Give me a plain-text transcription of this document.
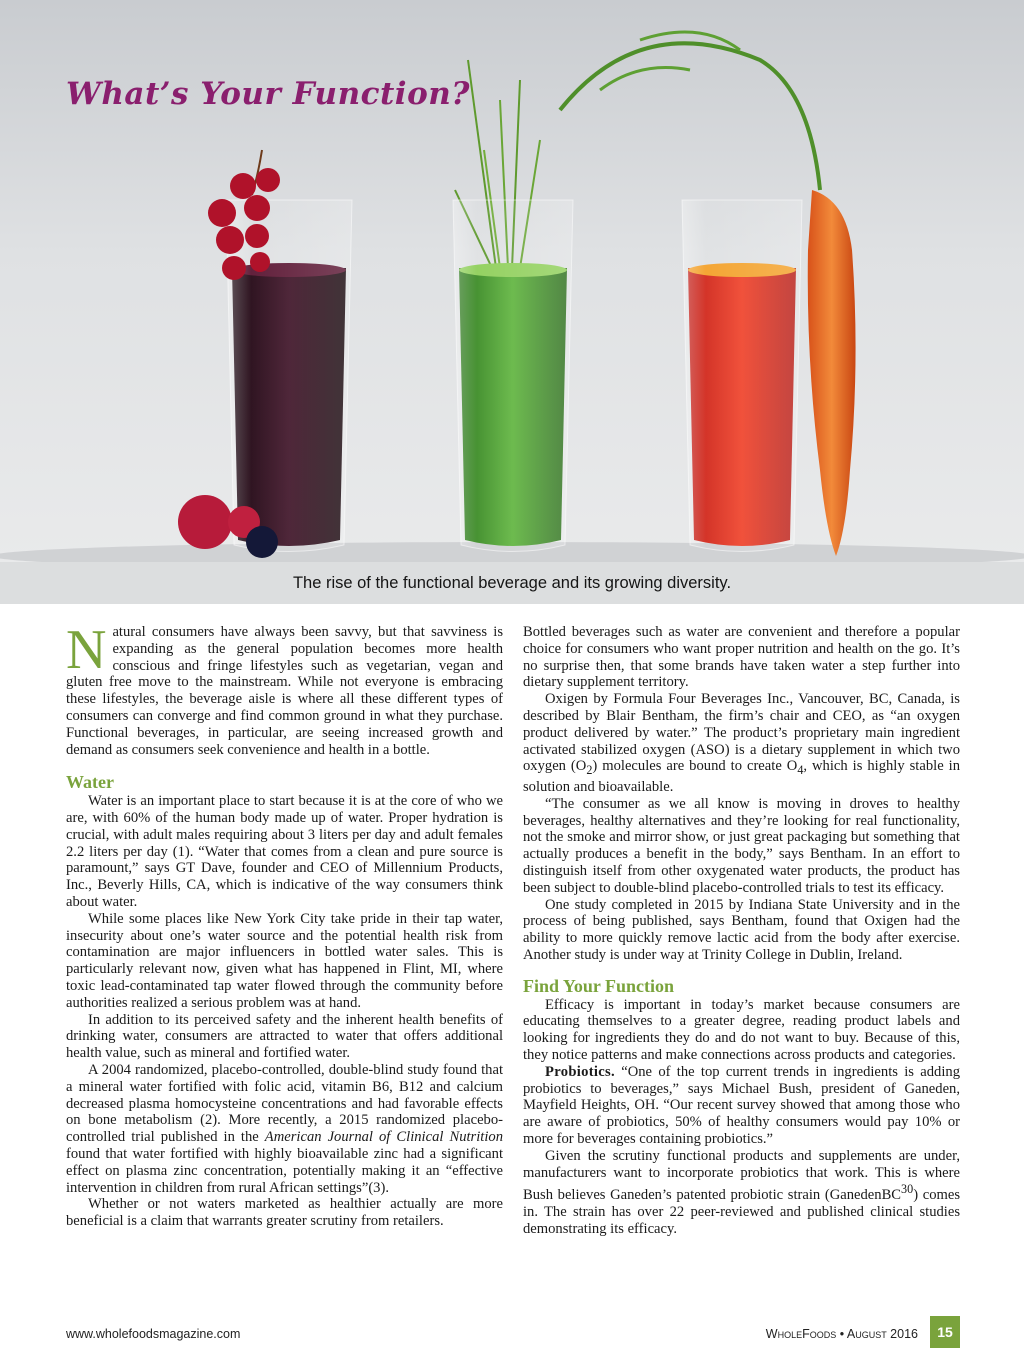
What’s Your Function?
The rise of the functional beverage and its growing diversity.

Natural consumers have always been savvy, but that savviness is expanding as the general population becomes more health conscious and fringe lifestyles such as vegetarian, vegan and gluten free move to the mainstream. While not everyone is embracing these lifestyles, the beverage aisle is where all these different types of consumers can converge and find common ground in what they purchase. Functional beverages, in particular, are seeing increased growth and demand as consumers seek convenience and health in a bottle.

Water

Water is an important place to start because it is at the core of who we are, with 60% of the human body made up of water. Proper hydration is crucial, with adult males requiring about 3 liters per day and adult females 2.2 liters per day (1). “Water that comes from a clean and pure source is paramount,” says GT Dave, founder and CEO of Millennium Products, Inc., Beverly Hills, CA, which is indicative of the way consumers think about water.

While some places like New York City take pride in their tap water, insecurity about one’s water source and the potential health risk from contamination are major influencers in bottled water sales. This is particularly relevant now, given what has happened in Flint, MI, where toxic lead-contaminated tap water flowed through the community before authorities realized a serious problem was at hand.

In addition to its perceived safety and the inherent health benefits of drinking water, consumers are attracted to water that offers additional health value, such as mineral and fortified water.

A 2004 randomized, placebo-controlled, double-blind study found that a mineral water fortified with folic acid, vitamin B6, B12 and calcium decreased plasma homocysteine concentrations and had favorable effects on bone metabolism (2). More recently, a 2015 randomized placebo-controlled trial published in the American Journal of Clinical Nutrition found that water fortified with highly bioavailable zinc had a significant effect on plasma zinc concentration, potentially making it an “effective intervention in children from rural African settings”(3).

Whether or not waters marketed as healthier actually are more beneficial is a claim that warrants greater scrutiny from retailers.

Bottled beverages such as water are convenient and therefore a popular choice for consumers who want proper nutrition and health on the go. It’s no surprise then, that some brands have taken water a step further into dietary supplement territory.

Oxigen by Formula Four Beverages Inc., Vancouver, BC, Canada, is described by Blair Bentham, the firm’s chair and CEO, as “an oxygen product delivered by water.” The product’s proprietary main ingredient activated stabilized oxygen (ASO) is a dietary supplement in which two oxygen $(O_2)$ molecules are bound to create $O_4$, which is highly stable in solution and bioavailable.

“The consumer as we all know is moving in droves to healthy beverages, healthy alternatives and they’re looking for real functionality, not the smoke and mirror show, or just great packaging but something that actually produces a benefit in the body,” says Bentham. In an effort to distinguish itself from other oxygenated water products, the product has been subject to double-blind placebo-controlled trials to test its efficacy.

One study completed in 2015 by Indiana State University and in the process of being published, says Bentham, found that Oxigen had the ability to more quickly remove lactic acid from the body after exercise. Another study is under way at Trinity College in Dublin, Ireland.

Find Your Function

Efficacy is important in today’s market because consumers are educating themselves to a greater degree, reading product labels and looking for ingredients they do and do not want to buy. Because of this, they notice patterns and make connections across products and categories.

Probiotics. “One of the top current trends in ingredients is adding probiotics to beverages,” says Michael Bush, president of Ganeden, Mayfield Heights, OH. “Our recent survey showed that among those who are aware of probiotics, 50% of healthy consumers would pay 10% or more for beverages containing probiotics.”

Given the scrutiny functional products and supplements are under, manufacturers want to incorporate probiotics that work. This is where Bush believes Ganeden’s patented probiotic strain (GanedenBC$^{30}$) comes in. The strain has over 22 peer-reviewed and published clinical studies demonstrating its efficacy.

www.wholefoodsmagazine.com	WholeFoods • August 2016	15
